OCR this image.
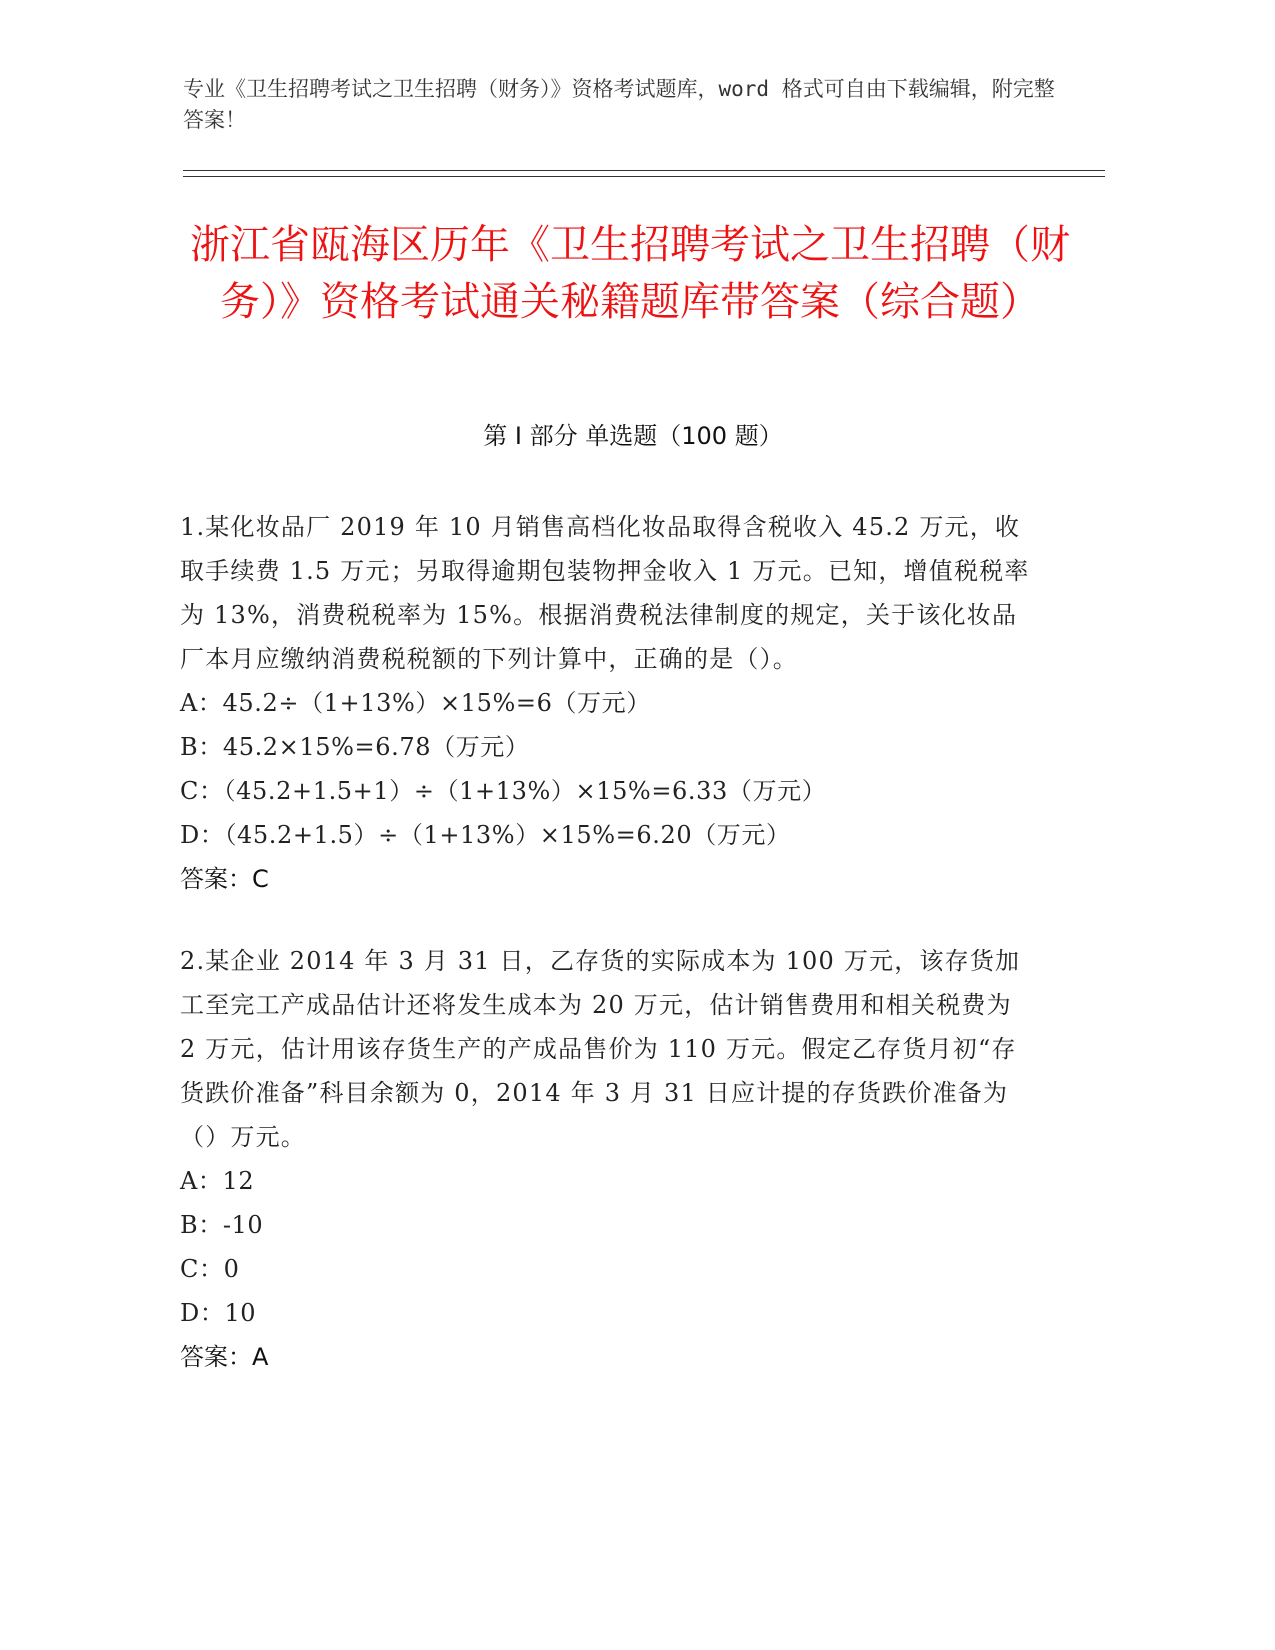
专业《卫生招聘考试之卫生招聘（财务）》资格考试题库，word 格式可自由下载编辑，附完整答案！
浙江省瓯海区历年《卫生招聘考试之卫生招聘（财务）》资格考试通关秘籍题库带答案（综合题）
第 I 部分 单选题（100 题）
1.某化妆品厂 2019 年 10 月销售高档化妆品取得含税收入 45.2 万元，收取手续费 1.5 万元；另取得逾期包装物押金收入 1 万元。已知，增值税税率为 13%，消费税税率为 15%。根据消费税法律制度的规定，关于该化妆品厂本月应缴纳消费税税额的下列计算中，正确的是（）。
A：45.2÷（1+13%）×15%=6（万元）
B：45.2×15%=6.78（万元）
C：（45.2+1.5+1）÷（1+13%）×15%=6.33（万元）
D：（45.2+1.5）÷（1+13%）×15%=6.20（万元）
答案：C
2.某企业 2014 年 3 月 31 日，乙存货的实际成本为 100 万元，该存货加工至完工产成品估计还将发生成本为 20 万元，估计销售费用和相关税费为 2 万元，估计用该存货生产的产成品售价为 110 万元。假定乙存货月初“存货跌价准备”科目余额为 0，2014 年 3 月 31 日应计提的存货跌价准备为（）万元。
A：12
B：-10
C：0
D：10
答案：A
